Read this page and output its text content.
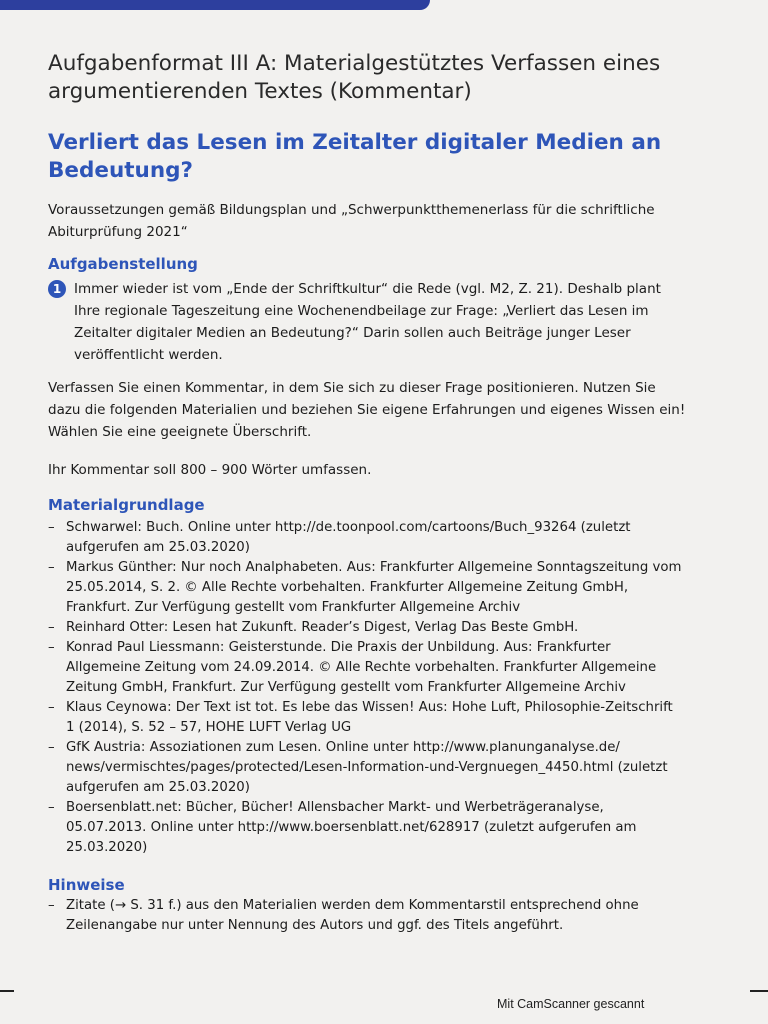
Aufgabenformat III A: Materialgestütztes Verfassen eines argumentierenden Textes (Kommentar)
Verliert das Lesen im Zeitalter digitaler Medien an Bedeutung?

Voraussetzungen gemäß Bildungsplan und „Schwerpunktthemenerlass für die schriftliche Abiturprüfung 2021“

Aufgabenstellung
1 Immer wieder ist vom „Ende der Schriftkultur“ die Rede (vgl. M2, Z. 21). Deshalb plant Ihre regionale Tageszeitung eine Wochenendbeilage zur Frage: „Verliert das Lesen im Zeitalter digitaler Medien an Bedeutung?“ Darin sollen auch Beiträge junger Leser veröffentlicht werden.

Verfassen Sie einen Kommentar, in dem Sie sich zu dieser Frage positionieren. Nutzen Sie dazu die folgenden Materialien und beziehen Sie eigene Erfahrungen und eigenes Wissen ein! Wählen Sie eine geeignete Überschrift.

Ihr Kommentar soll 800 – 900 Wörter umfassen.

Materialgrundlage
– Schwarwel: Buch. Online unter http://de.toonpool.com/cartoons/Buch_93264 (zuletzt aufgerufen am 25.03.2020)
– Markus Günther: Nur noch Analphabeten. Aus: Frankfurter Allgemeine Sonntagszeitung vom 25.05.2014, S. 2. © Alle Rechte vorbehalten. Frankfurter Allgemeine Zeitung GmbH, Frankfurt. Zur Verfügung gestellt vom Frankfurter Allgemeine Archiv
– Reinhard Otter: Lesen hat Zukunft. Reader’s Digest, Verlag Das Beste GmbH.
– Konrad Paul Liessmann: Geisterstunde. Die Praxis der Unbildung. Aus: Frankfurter Allgemeine Zeitung vom 24.09.2014. © Alle Rechte vorbehalten. Frankfurter Allgemeine Zeitung GmbH, Frankfurt. Zur Verfügung gestellt vom Frankfurter Allgemeine Archiv
– Klaus Ceynowa: Der Text ist tot. Es lebe das Wissen! Aus: Hohe Luft, Philosophie-Zeitschrift 1 (2014), S. 52 – 57, HOHE LUFT Verlag UG
– GfK Austria: Assoziationen zum Lesen. Online unter http://www.planunganalyse.de/ news/vermischtes/pages/protected/Lesen-Information-und-Vergnuegen_4450.html (zuletzt aufgerufen am 25.03.2020)
– Boersenblatt.net: Bücher, Bücher! Allensbacher Markt- und Werbeträgeranalyse, 05.07.2013. Online unter http://www.boersenblatt.net/628917 (zuletzt aufgerufen am 25.03.2020)
Hinweise
– Zitate (→ S. 31 f.) aus den Materialien werden dem Kommentarstil entsprechend ohne Zeilenangabe nur unter Nennung des Autors und ggf. des Titels angeführt.
Mit CamScanner gescannt
